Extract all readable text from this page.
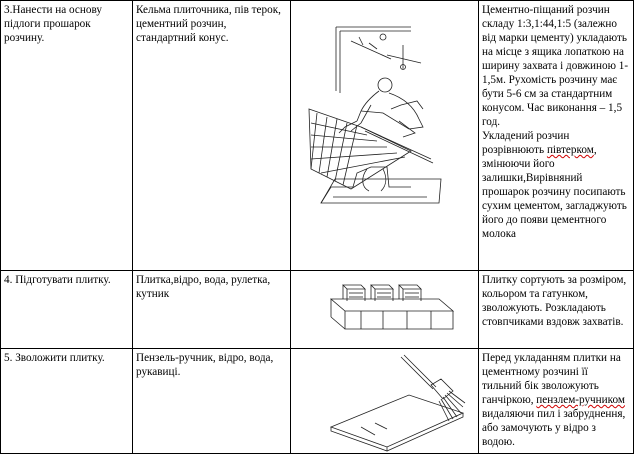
3.Нанести на основу підлоги прошарок розчину.	Кельма плиточника, пів терок, цементний розчин, стандартний конус.		Цементно-піщаний розчин складу 1:3,1:44,1:5 (залежно від марки цементу) укладають на місце з ящика лопаткою на ширину захвата і довжиною 1-1,5м. Рухомість розчину має бути 5-6 см за стандартним конусом. Час виконання – 1,5 год.
Укладений розчин розрівнюють півтерком, змінюючи його залишки,Вирівняний прошарок розчину посипають сухим цементом, загладжують його до появи цементного молока
4. Підготувати плитку.	Плитка,відро, вода, рулетка, кутник		Плитку сортують за розміром, кольором та гатунком, зволожують. Розкладають стовпчиками вздовж захватів.
5. Зволожити плитку.	Пензель-ручник, відро, вода, рукавиці.		Перед укладанням плитки на цементному розчині її тильний бік зволожують ганчіркою, пензлем-ручником видаляючи пил і забруднення, або замочують у відро з водою.
